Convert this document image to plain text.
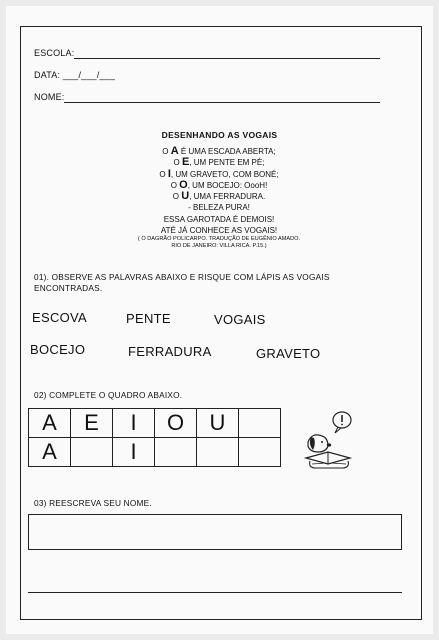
ESCOLA:
DATA: ___/___/___
NOME:
DESENHANDO AS VOGAIS
O A É UMA ESCADA ABERTA;
O E, UM PENTE EM PÉ;
O I, UM GRAVETO, COM BONÉ;
O O, UM BOCEJO: OooH!
O U, UMA FERRADURA.
- BELEZA PURA!
ESSA GAROTADA É DEMOIS!
ATÉ JÁ CONHECE AS VOGAIS!
( O DAGRÃO POLICARPO. TRADUÇÃO DE EUGÊNIO AMADO.
RIO DE JANEIRO: VILLA RICA. P.15.)
01). OBSERVE AS PALAVRAS ABAIXO E RISQUE COM LÁPIS AS VOGAIS
ENCONTRADAS.
ESCOVA	PENTE	VOGAIS
BOCEJO	FERRADURA	GRAVETO
02) COMPLETE O QUADRO ABAIXO.
A	E	I	O	U	
A		I			
03) REESCREVA SEU NOME.
